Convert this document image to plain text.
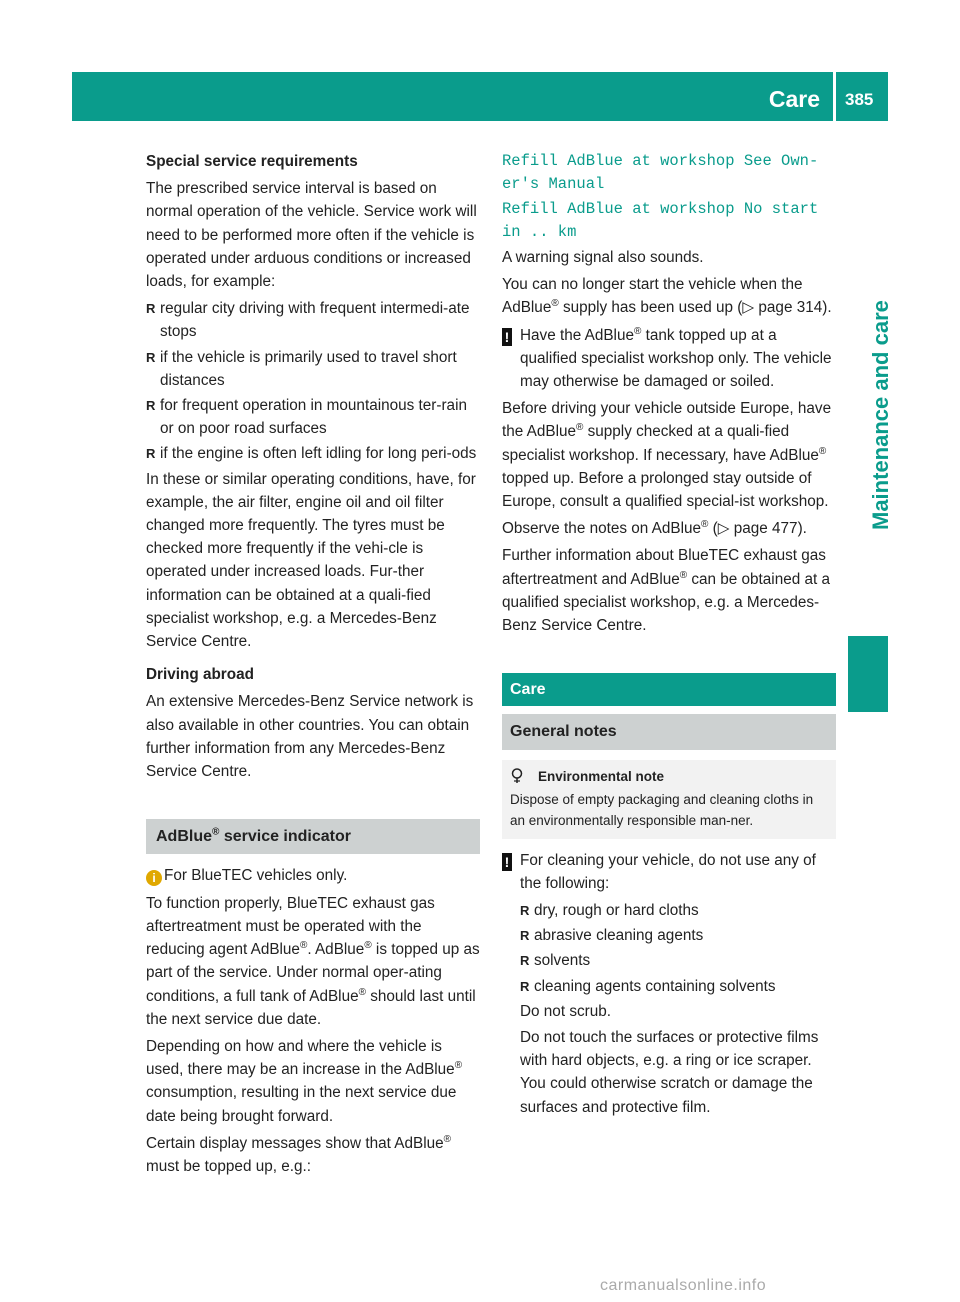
Care 385
Maintenance and care

Special service requirements

The prescribed service interval is based on normal operation of the vehicle. Service work will need to be performed more often if the vehicle is operated under arduous conditions or increased loads, for example:

R regular city driving with frequent intermedi-ate stops
R if the vehicle is primarily used to travel short distances
R for frequent operation in mountainous ter-rain or on poor road surfaces
R if the engine is often left idling for long peri-ods

In these or similar operating conditions, have, for example, the air filter, engine oil and oil filter changed more frequently. The tyres must be checked more frequently if the vehi-cle is operated under increased loads. Fur-ther information can be obtained at a quali-fied specialist workshop, e.g. a Mercedes-Benz Service Centre.

Driving abroad

An extensive Mercedes-Benz Service network is also available in other countries. You can obtain further information from any Mercedes-Benz Service Centre.

AdBlue® service indicator
i For BlueTEC vehicles only.

To function properly, BlueTEC exhaust gas aftertreatment must be operated with the reducing agent AdBlue®. AdBlue® is topped up as part of the service. Under normal oper-ating conditions, a full tank of AdBlue® should last until the next service due date.

Depending on how and where the vehicle is used, there may be an increase in the AdBlue® consumption, resulting in the next service due date being brought forward.

Certain display messages show that AdBlue® must be topped up, e.g.:

Refill AdBlue at workshop See Own-er's Manual

Refill AdBlue at workshop No start in .. km

A warning signal also sounds.

You can no longer start the vehicle when the AdBlue® supply has been used up (▷ page 314).

! Have the AdBlue® tank topped up at a qualified specialist workshop only. The vehicle may otherwise be damaged or soiled.

Before driving your vehicle outside Europe, have the AdBlue® supply checked at a quali-fied specialist workshop. If necessary, have AdBlue® topped up. Before a prolonged stay outside of Europe, consult a qualified special-ist workshop.

Observe the notes on AdBlue® (▷ page 477).

Further information about BlueTEC exhaust gas aftertreatment and AdBlue® can be obtained at a qualified specialist workshop, e.g. a Mercedes-Benz Service Centre.

Care
General notes
Environmental note
Dispose of empty packaging and cleaning cloths in an environmentally responsible man-ner.
! For cleaning your vehicle, do not use any of the following:
R dry, rough or hard cloths
R abrasive cleaning agents
R solvents
R cleaning agents containing solvents

Do not scrub.

Do not touch the surfaces or protective films with hard objects, e.g. a ring or ice scraper. You could otherwise scratch or damage the surfaces and protective film.

carmanualsonline.info
